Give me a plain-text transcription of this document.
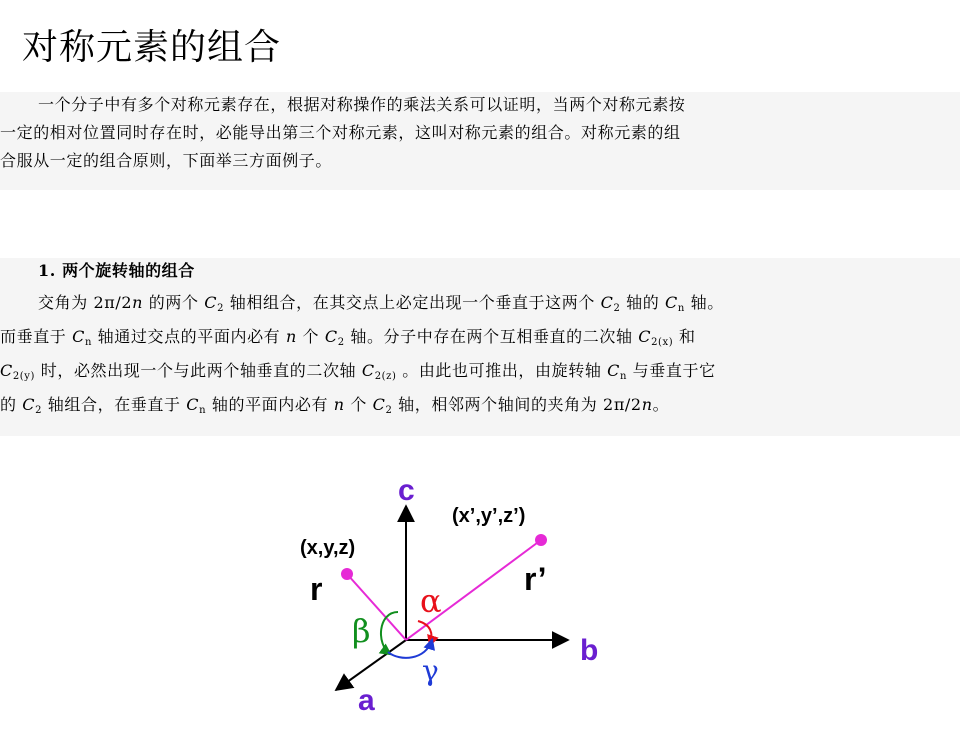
对称元素的组合
一个分子中有多个对称元素存在，根据对称操作的乘法关系可以证明，当两个对称元素按
一定的相对位置同时存在时，必能导出第三个对称元素，这叫对称元素的组合。对称元素的组
合服从一定的组合原则，下面举三方面例子。
1. 两个旋转轴的组合
交角为 2π/2n 的两个 $C_2$ 轴相组合，在其交点上必定出现一个垂直于这两个 $C_2$ 轴的 $C_n$ 轴。
而垂直于 $C_n$ 轴通过交点的平面内必有 n 个 $C_2$ 轴。分子中存在两个互相垂直的二次轴 $C_{2(x)}$ 和
$C_{2(y)}$ 时，必然出现一个与此两个轴垂直的二次轴 $C_{2(z)}$ 。由此也可推出，由旋转轴 $C_n$ 与垂直于它
的 $C_2$ 轴组合，在垂直于 $C_n$ 轴的平面内必有 n 个 $C_2$ 轴，相邻两个轴间的夹角为 2π/2n。
c
b
a
(x,y,z)
(x’,y’,z’)
r	r’
α
β
γ
